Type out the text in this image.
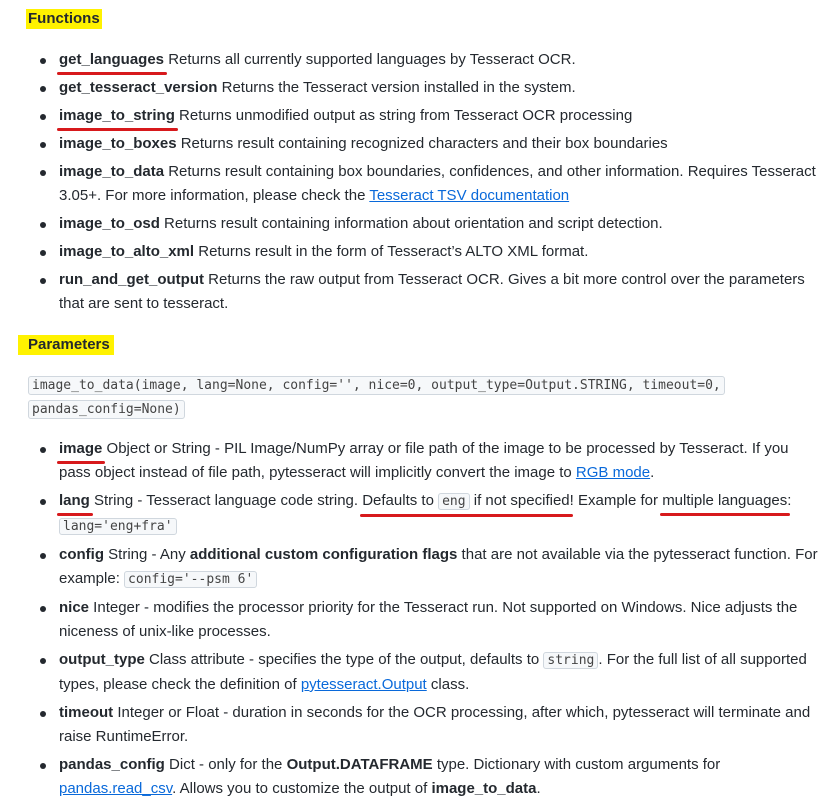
Functions
get_languages Returns all currently supported languages by Tesseract OCR.
get_tesseract_version Returns the Tesseract version installed in the system.
image_to_string Returns unmodified output as string from Tesseract OCR processing
image_to_boxes Returns result containing recognized characters and their box boundaries
image_to_data Returns result containing box boundaries, confidences, and other information. Requires Tesseract 3.05+. For more information, please check the Tesseract TSV documentation
image_to_osd Returns result containing information about orientation and script detection.
image_to_alto_xml Returns result in the form of Tesseract’s ALTO XML format.
run_and_get_output Returns the raw output from Tesseract OCR. Gives a bit more control over the parameters that are sent to tesseract.
Parameters
image_to_data(image, lang=None, config='', nice=0, output_type=Output.STRING, timeout=0, pandas_config=None)
image Object or String - PIL Image/NumPy array or file path of the image to be processed by Tesseract. If you pass object instead of file path, pytesseract will implicitly convert the image to RGB mode.
lang String - Tesseract language code string. Defaults to eng if not specified! Example for multiple languages: lang='eng+fra'
config String - Any additional custom configuration flags that are not available via the pytesseract function. For example: config='--psm 6'
nice Integer - modifies the processor priority for the Tesseract run. Not supported on Windows. Nice adjusts the niceness of unix-like processes.
output_type Class attribute - specifies the type of the output, defaults to string . For the full list of all supported types, please check the definition of pytesseract.Output class.
timeout Integer or Float - duration in seconds for the OCR processing, after which, pytesseract will terminate and raise RuntimeError.
pandas_config Dict - only for the Output.DATAFRAME type. Dictionary with custom arguments for pandas.read_csv. Allows you to customize the output of image_to_data.
